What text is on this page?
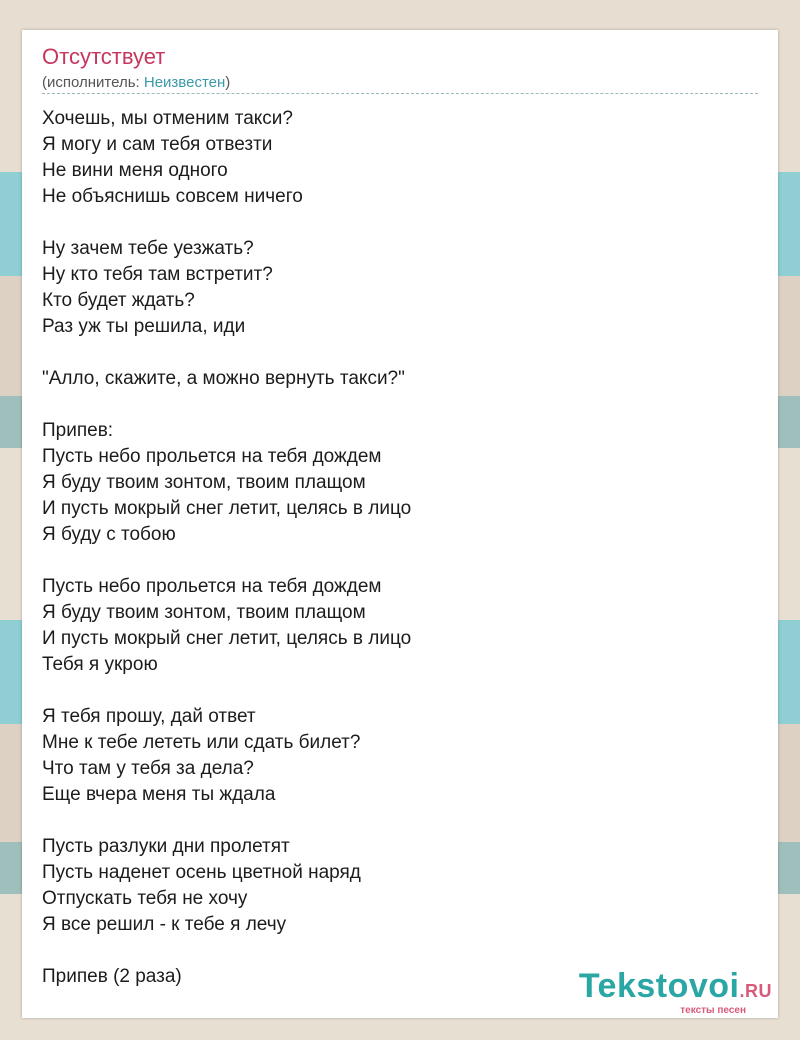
Отсутствует
(исполнитель: Неизвестен)
Хочешь, мы отменим такси?
Я могу и сам тебя отвезти
Не вини меня одного
Не объяснишь совсем ничего
Ну зачем тебе уезжать?
Ну кто тебя там встретит?
Кто будет ждать?
Раз уж ты решила, иди
"Алло, скажите, а можно вернуть такси?"
Припев:
Пусть небо прольется на тебя дождем
Я буду твоим зонтом, твоим плащом
И пусть мокрый снег летит, целясь в лицо
Я буду с тобою
Пусть небо прольется на тебя дождем
Я буду твоим зонтом, твоим плащом
И пусть мокрый снег летит, целясь в лицо
Тебя я укрою
Я тебя прошу, дай ответ
Мне к тебе лететь или сдать билет?
Что там у тебя за дела?
Еще вчера меня ты ждала
Пусть разлуки дни пролетят
Пусть наденет осень цветной наряд
Отпускать тебя не хочу
Я все решил - к тебе я лечу
Припев (2 раза)	Tekstovoi.RU
тексты песен
